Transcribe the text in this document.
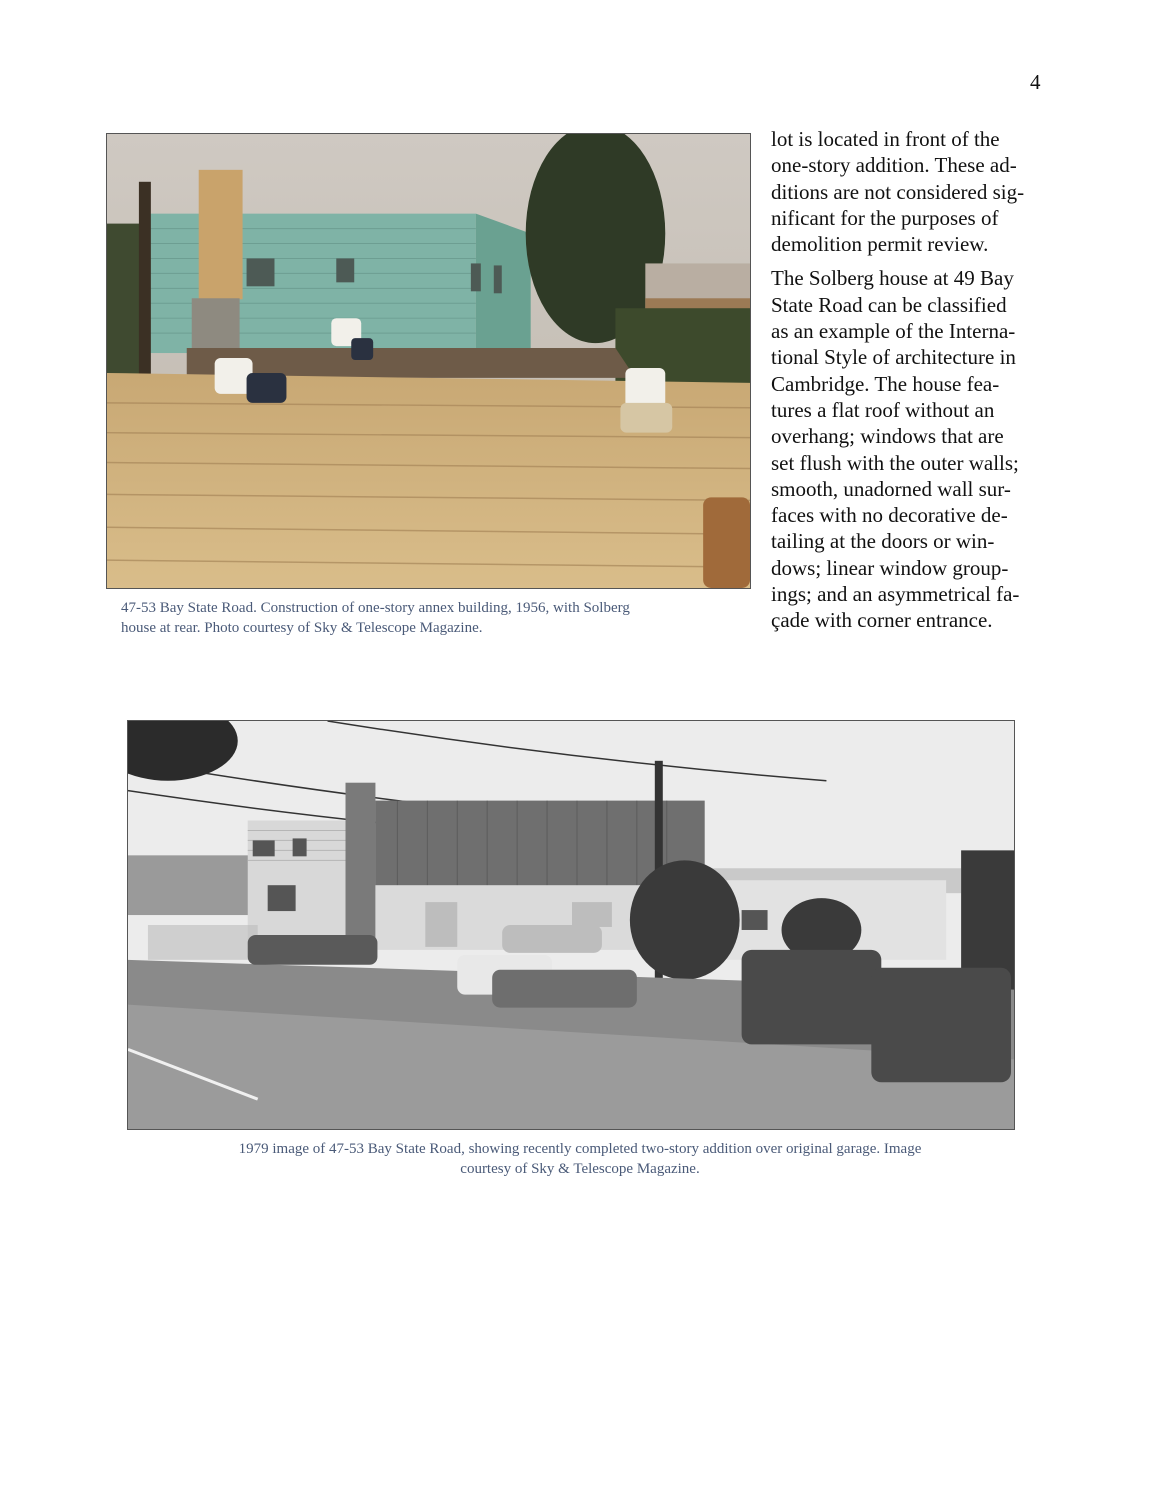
4
47-53 Bay State Road. Construction of one-story annex building, 1956, with Solberg
house at rear. Photo courtesy of Sky & Telescope Magazine.

lot is located in front of the
one-story addition. These ad-
ditions are not considered sig-
nificant for the purposes of
demolition permit review.

The Solberg house at 49 Bay
State Road can be classified
as an example of the Interna-
tional Style of architecture in
Cambridge. The house fea-
tures a flat roof without an
overhang; windows that are
set flush with the outer walls;
smooth, unadorned wall sur-
faces with no decorative de-
tailing at the doors or win-
dows; linear window group-
ings; and an asymmetrical fa-
çade with corner entrance.

1979 image of 47-53 Bay State Road, showing recently completed two-story addition over original garage. Image
courtesy of Sky & Telescope Magazine.
